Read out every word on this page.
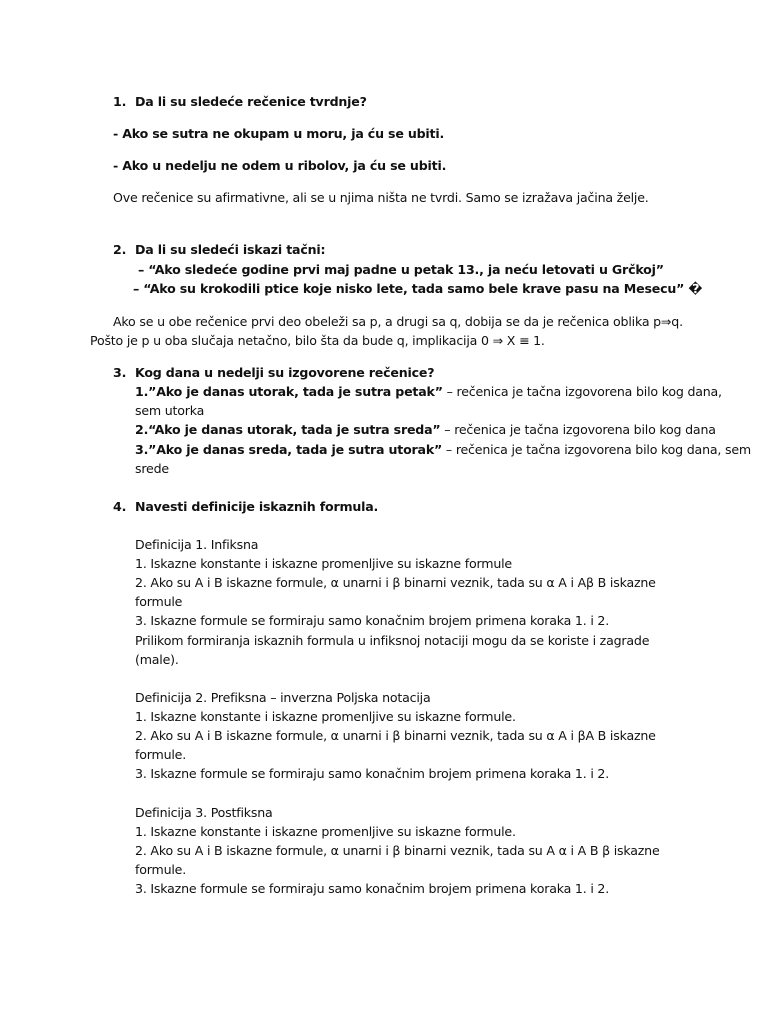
1. Da li su sledeće rečenice tvrdnje?
- Ako se sutra ne okupam u moru, ja ću se ubiti.
- Ako u nedelju ne odem u ribolov, ja ću se ubiti.
Ove rečenice su afirmativne, ali se u njima ništa ne tvrdi. Samo se izražava jačina želje.
2. Da li su sledeći iskazi tačni:
– “Ako sledeće godine prvi maj padne u petak 13., ja neću letovati u Grčkoj”
– “Ako su krokodili ptice koje nisko lete, tada samo bele krave pasu na Mesecu” �
Ako se u obe rečenice prvi deo obeleži sa p, a drugi sa q, dobija se da je rečenica oblika p⇒q.
Pošto je p u oba slučaja netačno, bilo šta da bude q, implikacija 0 ⇒ X ≡ 1.
3. Kog dana u nedelji su izgovorene rečenice?
1.”Ako je danas utorak, tada je sutra petak” – rečenica je tačna izgovorena bilo kog dana,
sem utorka
2.“Ako je danas utorak, tada je sutra sreda” – rečenica je tačna izgovorena bilo kog dana
3.”Ako je danas sreda, tada je sutra utorak” – rečenica je tačna izgovorena bilo kog dana, sem
srede
4. Navesti definicije iskaznih formula.
Definicija 1. Infiksna
1. Iskazne konstante i iskazne promenljive su iskazne formule
2. Ako su A i B iskazne formule, α unarni i β binarni veznik, tada su α A i Aβ B iskazne
formule
3. Iskazne formule se formiraju samo konačnim brojem primena koraka 1. i 2.
Prilikom formiranja iskaznih formula u infiksnoj notaciji mogu da se koriste i zagrade
(male).
Definicija 2. Prefiksna – inverzna Poljska notacija
1. Iskazne konstante i iskazne promenljive su iskazne formule.
2. Ako su A i B iskazne formule, α unarni i β binarni veznik, tada su α A i βA B iskazne
formule.
3. Iskazne formule se formiraju samo konačnim brojem primena koraka 1. i 2.
Definicija 3. Postfiksna
1. Iskazne konstante i iskazne promenljive su iskazne formule.
2. Ako su A i B iskazne formule, α unarni i β binarni veznik, tada su A α i A B β iskazne
formule.
3. Iskazne formule se formiraju samo konačnim brojem primena koraka 1. i 2.
